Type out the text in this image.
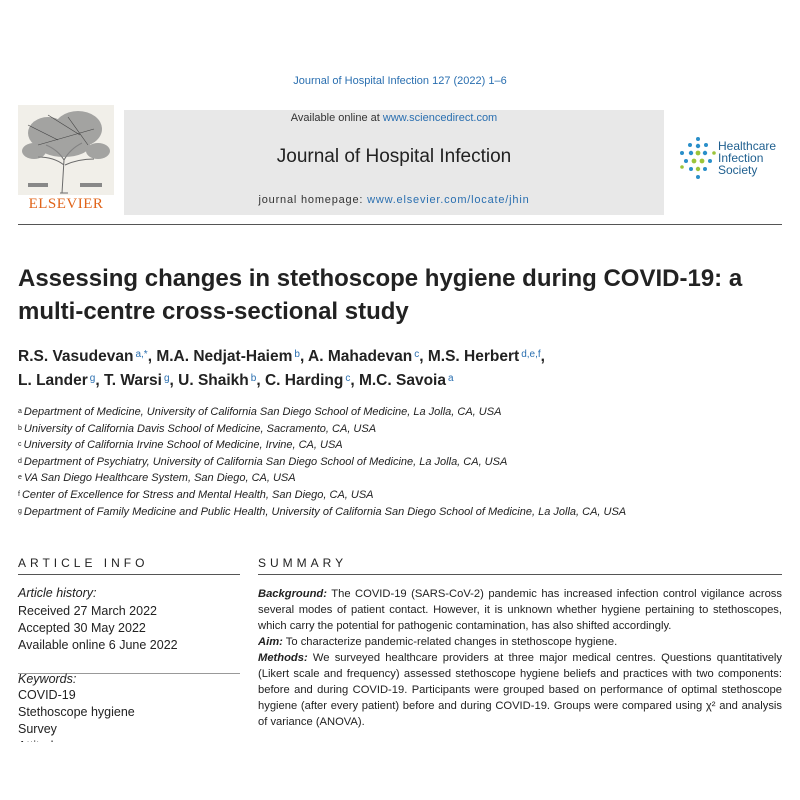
Journal of Hospital Infection 127 (2022) 1–6
ELSEVIER
Available online at www.sciencedirect.com
Journal of Hospital Infection
journal homepage: www.elsevier.com/locate/jhin
Healthcare
Infection
Society
Assessing changes in stethoscope hygiene during COVID-19: a multi-centre cross-sectional study
R.S. Vasudevan $^{a,*}$, M.A. Nedjat-Haiem $^b$, A. Mahadevan $^c$, M.S. Herbert $^{d,e,f}$,
L. Lander $^g$, T. Warsi $^g$, U. Shaikh $^b$, C. Harding $^c$, M.C. Savoia $^a$
$^a$ Department of Medicine, University of California San Diego School of Medicine, La Jolla, CA, USA
$^b$ University of California Davis School of Medicine, Sacramento, CA, USA
$^c$ University of California Irvine School of Medicine, Irvine, CA, USA
$^d$ Department of Psychiatry, University of California San Diego School of Medicine, La Jolla, CA, USA
$^e$ VA San Diego Healthcare System, San Diego, CA, USA
$^f$ Center of Excellence for Stress and Mental Health, San Diego, CA, USA
$^g$ Department of Family Medicine and Public Health, University of California San Diego School of Medicine, La Jolla, CA, USA
ARTICLE INFO
Article history:
Received 27 March 2022
Accepted 30 May 2022
Available online 6 June 2022
Keywords:
COVID-19
Stethoscope hygiene
Survey
SUMMARY

Background: The COVID-19 (SARS-CoV-2) pandemic has increased infection control vigilance across several modes of patient contact. However, it is unknown whether hygiene pertaining to stethoscopes, which carry the potential for pathogenic contamination, has also shifted accordingly.

Aim: To characterize pandemic-related changes in stethoscope hygiene.

Methods: We surveyed healthcare providers at three major medical centres. Questions quantitatively (Likert scale and frequency) assessed stethoscope hygiene beliefs and practices with two components: before and during COVID-19. Participants were grouped based on performance of optimal stethoscope hygiene (after every patient) before and during COVID-19. Groups were compared using χ² and analysis of variance (ANOVA).
